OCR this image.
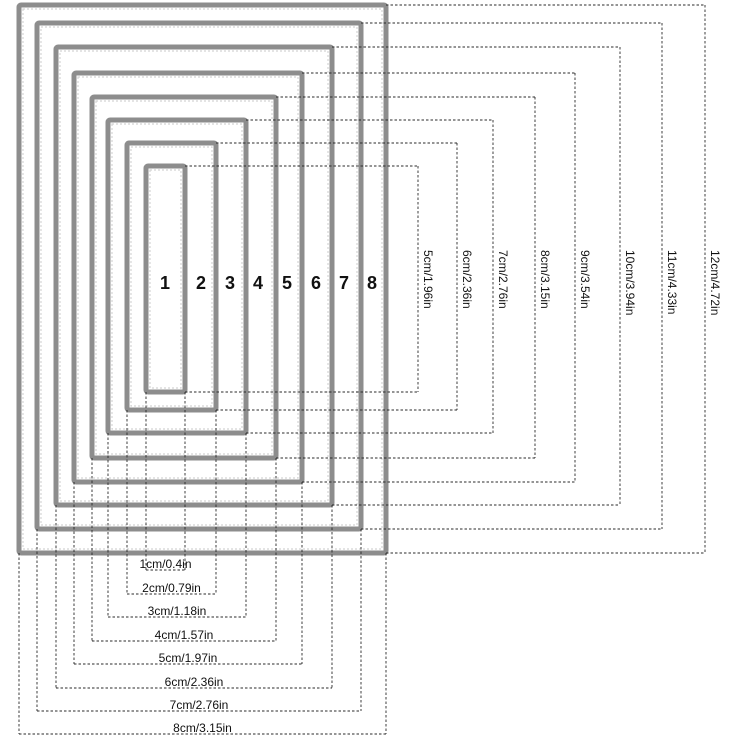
1 2 3 4 5 6 7 8
1cm/0.4in
2cm/0.79in
3cm/1.18in
4cm/1.57in
5cm/1.97in
6cm/2.36in
7cm/2.76in
8cm/3.15in
5cm/1.96in 6cm/2.36in 7cm/2.76in 8cm/3.15in 9cm/3.54in	10cm/3.94in 11cm/4.33in 12cm/4.72in
